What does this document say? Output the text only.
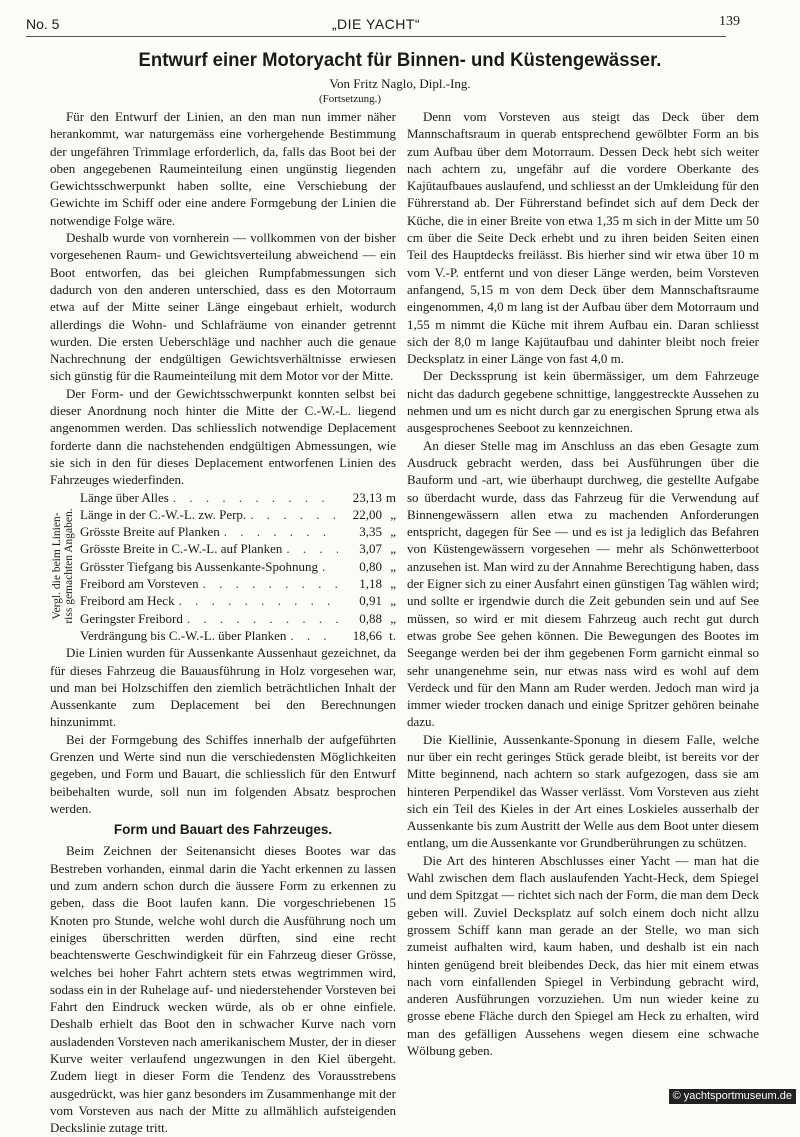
No. 5	„DIE YACHT“	139
Entwurf einer Motoryacht für Binnen- und Küstengewässer.
Von Fritz Naglo, Dipl.-Ing.
(Fortsetzung.)

Für den Entwurf der Linien, an den man nun immer näher herankommt, war naturgemäss eine vorhergehende Bestimmung der ungefähren Trimmlage erforderlich, da, falls das Boot bei der oben angegebenen Raumeinteilung einen ungünstig liegenden Gewichtsschwerpunkt haben sollte, eine Verschiebung der Gewichte im Schiff oder eine andere Formgebung der Linien die notwendige Folge wäre.

Deshalb wurde von vornherein — vollkommen von der bisher vorgesehenen Raum- und Gewichtsverteilung abweichend — ein Boot entworfen, das bei gleichen Rumpfabmessungen sich dadurch von den anderen unterschied, dass es den Motorraum etwa auf der Mitte seiner Länge eingebaut erhielt, wodurch allerdings die Wohn- und Schlafräume von einander getrennt wurden. Die ersten Ueberschläge und nachher auch die genaue Nachrechnung der endgültigen Gewichtsverhältnisse erwiesen sich günstig für die Raumeinteilung mit dem Motor vor der Mitte.

Der Form- und der Gewichtsschwerpunkt konnten selbst bei dieser Anordnung noch hinter die Mitte der C.-W.-L. liegend angenommen werden. Das schliesslich notwendige Deplacement forderte dann die nachstehenden endgültigen Abmessungen, wie sie sich in den für dieses Deplacement entworfenen Linien des Fahrzeuges wiederfinden.

Vergl. die beim Linien-
riss gemachten Angaben.
Länge über Alles . . .	23,13 m
Länge in der C.-W.-L. zw. Perp. . . .	22,00 „
Grösste Breite auf Planken . . .	3,35 „
Grösste Breite in C.-W.-L. auf Planken . . .	3,07 „
Grösster Tiefgang bis Aussenkante-Spohnung . . .	0,80 „
Freibord am Vorsteven . . .	1,18 „
Freibord am Heck . . .	0,91 „
Geringster Freibord . . .	0,88 „
Verdrängung bis C.-W.-L. über Planken . . .	18,66 t.

Die Linien wurden für Aussenkante Aussenhaut gezeichnet, da für dieses Fahrzeug die Bauausführung in Holz vorgesehen war, und man bei Holzschiffen den ziemlich beträchtlichen Inhalt der Aussenkante zum Deplacement bei den Berechnungen hinzunimmt.

Bei der Formgebung des Schiffes innerhalb der aufgeführten Grenzen und Werte sind nun die verschiedensten Möglichkeiten gegeben, und Form und Bauart, die schliesslich für den Entwurf beibehalten wurde, soll nun im folgenden Absatz besprochen werden.

Form und Bauart des Fahrzeuges.

Beim Zeichnen der Seitenansicht dieses Bootes war das Bestreben vorhanden, einmal darin die Yacht erkennen zu lassen und zum andern schon durch die äussere Form zu erkennen zu geben, dass die Boot laufen kann. Die vorgeschriebenen 15 Knoten pro Stunde, welche wohl durch die Ausführung noch um einiges überschritten werden dürften, sind eine recht beachtenswerte Geschwindigkeit für ein Fahrzeug dieser Grösse, welches bei hoher Fahrt achtern stets etwas wegtrimmen wird, sodass ein in der Ruhelage auf- und niederstehender Vorsteven bei Fahrt den Eindruck wecken würde, als ob er ohne einfiele. Deshalb erhielt das Boot den in schwacher Kurve nach vorn ausladenden Vorsteven nach amerikanischem Muster, der in dieser Kurve weiter verlaufend ungezwungen in den Kiel übergeht. Zudem liegt in dieser Form die Tendenz des Vorausstrebens ausgedrückt, was hier ganz besonders im Zusammenhange mit der vom Vorsteven aus nach der Mitte zu allmählich aufsteigenden Deckslinie zutage tritt.

Denn vom Vorsteven aus steigt das Deck über dem Mannschaftsraum in querab entsprechend gewölbter Form an bis zum Aufbau über dem Motorraum. Dessen Deck hebt sich weiter nach achtern zu, ungefähr auf die vordere Oberkante des Kajütaufbaues auslaufend, und schliesst an der Umkleidung für den Führerstand ab. Der Führerstand befindet sich auf dem Deck der Küche, die in einer Breite von etwa 1,35 m sich in der Mitte um 50 cm über die Seite Deck erhebt und zu ihren beiden Seiten einen Teil des Hauptdecks freilässt. Bis hierher sind wir etwa über 10 m vom V.-P. entfernt und von dieser Länge werden, beim Vorsteven anfangend, 5,15 m von dem Deck über dem Mannschaftsraume eingenommen, 4,0 m lang ist der Aufbau über dem Motorraum und 1,55 m nimmt die Küche mit ihrem Aufbau ein. Daran schliesst sich der 8,0 m lange Kajütaufbau und dahinter bleibt noch freier Decksplatz in einer Länge von fast 4,0 m.

Der Deckssprung ist kein übermässiger, um dem Fahrzeuge nicht das dadurch gegebene schnittige, langgestreckte Aussehen zu nehmen und um es nicht durch gar zu energischen Sprung etwa als ausgesprochenes Seeboot zu kennzeichnen.

An dieser Stelle mag im Anschluss an das eben Gesagte zum Ausdruck gebracht werden, dass bei Ausführungen über die Bauform und -art, wie überhaupt durchweg, die gestellte Aufgabe so überdacht wurde, dass das Fahrzeug für die Verwendung auf Binnengewässern allen etwa zu machenden Anforderungen entspricht, dagegen für See — und es ist ja lediglich das Befahren von Küstengewässern vorgesehen — mehr als Schönwetterboot anzusehen ist. Man wird zu der Annahme Berechtigung haben, dass der Eigner sich zu einer Ausfahrt einen günstigen Tag wählen wird; und sollte er irgendwie durch die Zeit gebunden sein und auf See müssen, so wird er mit diesem Fahrzeug auch recht gut durch etwas grobe See gehen können. Die Bewegungen des Bootes im Seegange werden bei der ihm gegebenen Form garnicht einmal so sehr unangenehme sein, nur etwas nass wird es wohl auf dem Verdeck und für den Mann am Ruder werden. Jedoch man wird ja immer wieder trocken danach und einige Spritzer gehören beinahe dazu.

Die Kiellinie, Aussenkante-Sponung in diesem Falle, welche nur über ein recht geringes Stück gerade bleibt, ist bereits vor der Mitte beginnend, nach achtern so stark aufgezogen, dass sie am hinteren Perpendikel das Wasser verlässt. Vom Vorsteven aus zieht sich ein Teil des Kieles in der Art eines Loskieles ausserhalb der Aussenkante bis zum Austritt der Welle aus dem Boot unter diesem entlang, um die Aussenkante vor Grundberührungen zu schützen.

Die Art des hinteren Abschlusses einer Yacht — man hat die Wahl zwischen dem flach auslaufenden Yacht-Heck, dem Spiegel und dem Spitzgat — richtet sich nach der Form, die man dem Deck geben will. Zuviel Decksplatz auf solch einem doch nicht allzu grossem Schiff kann man gerade an der Stelle, wo man sich zumeist aufhalten wird, kaum haben, und deshalb ist ein nach hinten genügend breit bleibendes Deck, das hier mit einem etwas nach vorn einfallenden Spiegel in Verbindung gebracht wird, anderen Ausführungen vorzuziehen. Um nun wieder keine zu grosse ebene Fläche durch den Spiegel am Heck zu erhalten, wird man des gefälligen Aussehens wegen diesem eine schwache Wölbung geben.

© yachtsportmuseum.de
